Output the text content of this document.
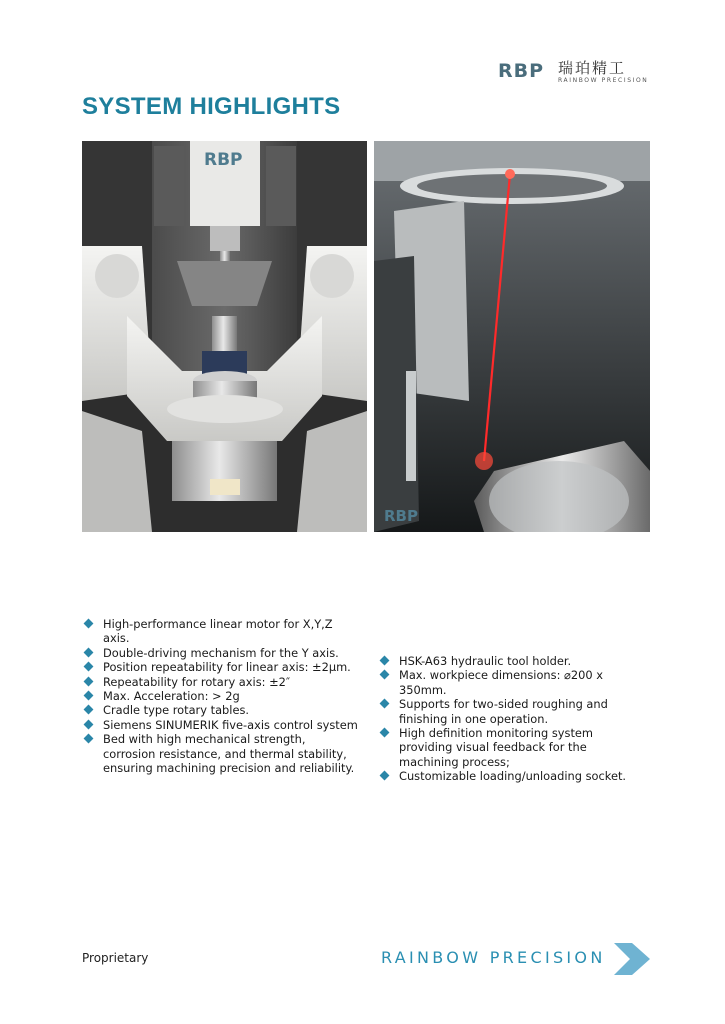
RBP 瑞珀精工
RAINBOW PRECISION
SYSTEM HIGHLIGHTS
RBP
RBP
High-performance linear motor for X,Y,Z axis.
Double-driving mechanism for the Y axis.
Position repeatability for linear axis: ±2μm.
Repeatability for rotary axis: ±2″
Max. Acceleration: > 2g
Cradle type rotary tables.
Siemens SINUMERIK five-axis control system
Bed with high mechanical strength, corrosion resistance, and thermal stability, ensuring machining precision and reliability.
HSK-A63 hydraulic tool holder.
Max. workpiece dimensions: ⌀200 x 350mm.
Supports for two-sided roughing and finishing in one operation.
High definition monitoring system providing visual feedback for the machining process;
Customizable loading/unloading socket.
Proprietary	RAINBOW PRECISION
